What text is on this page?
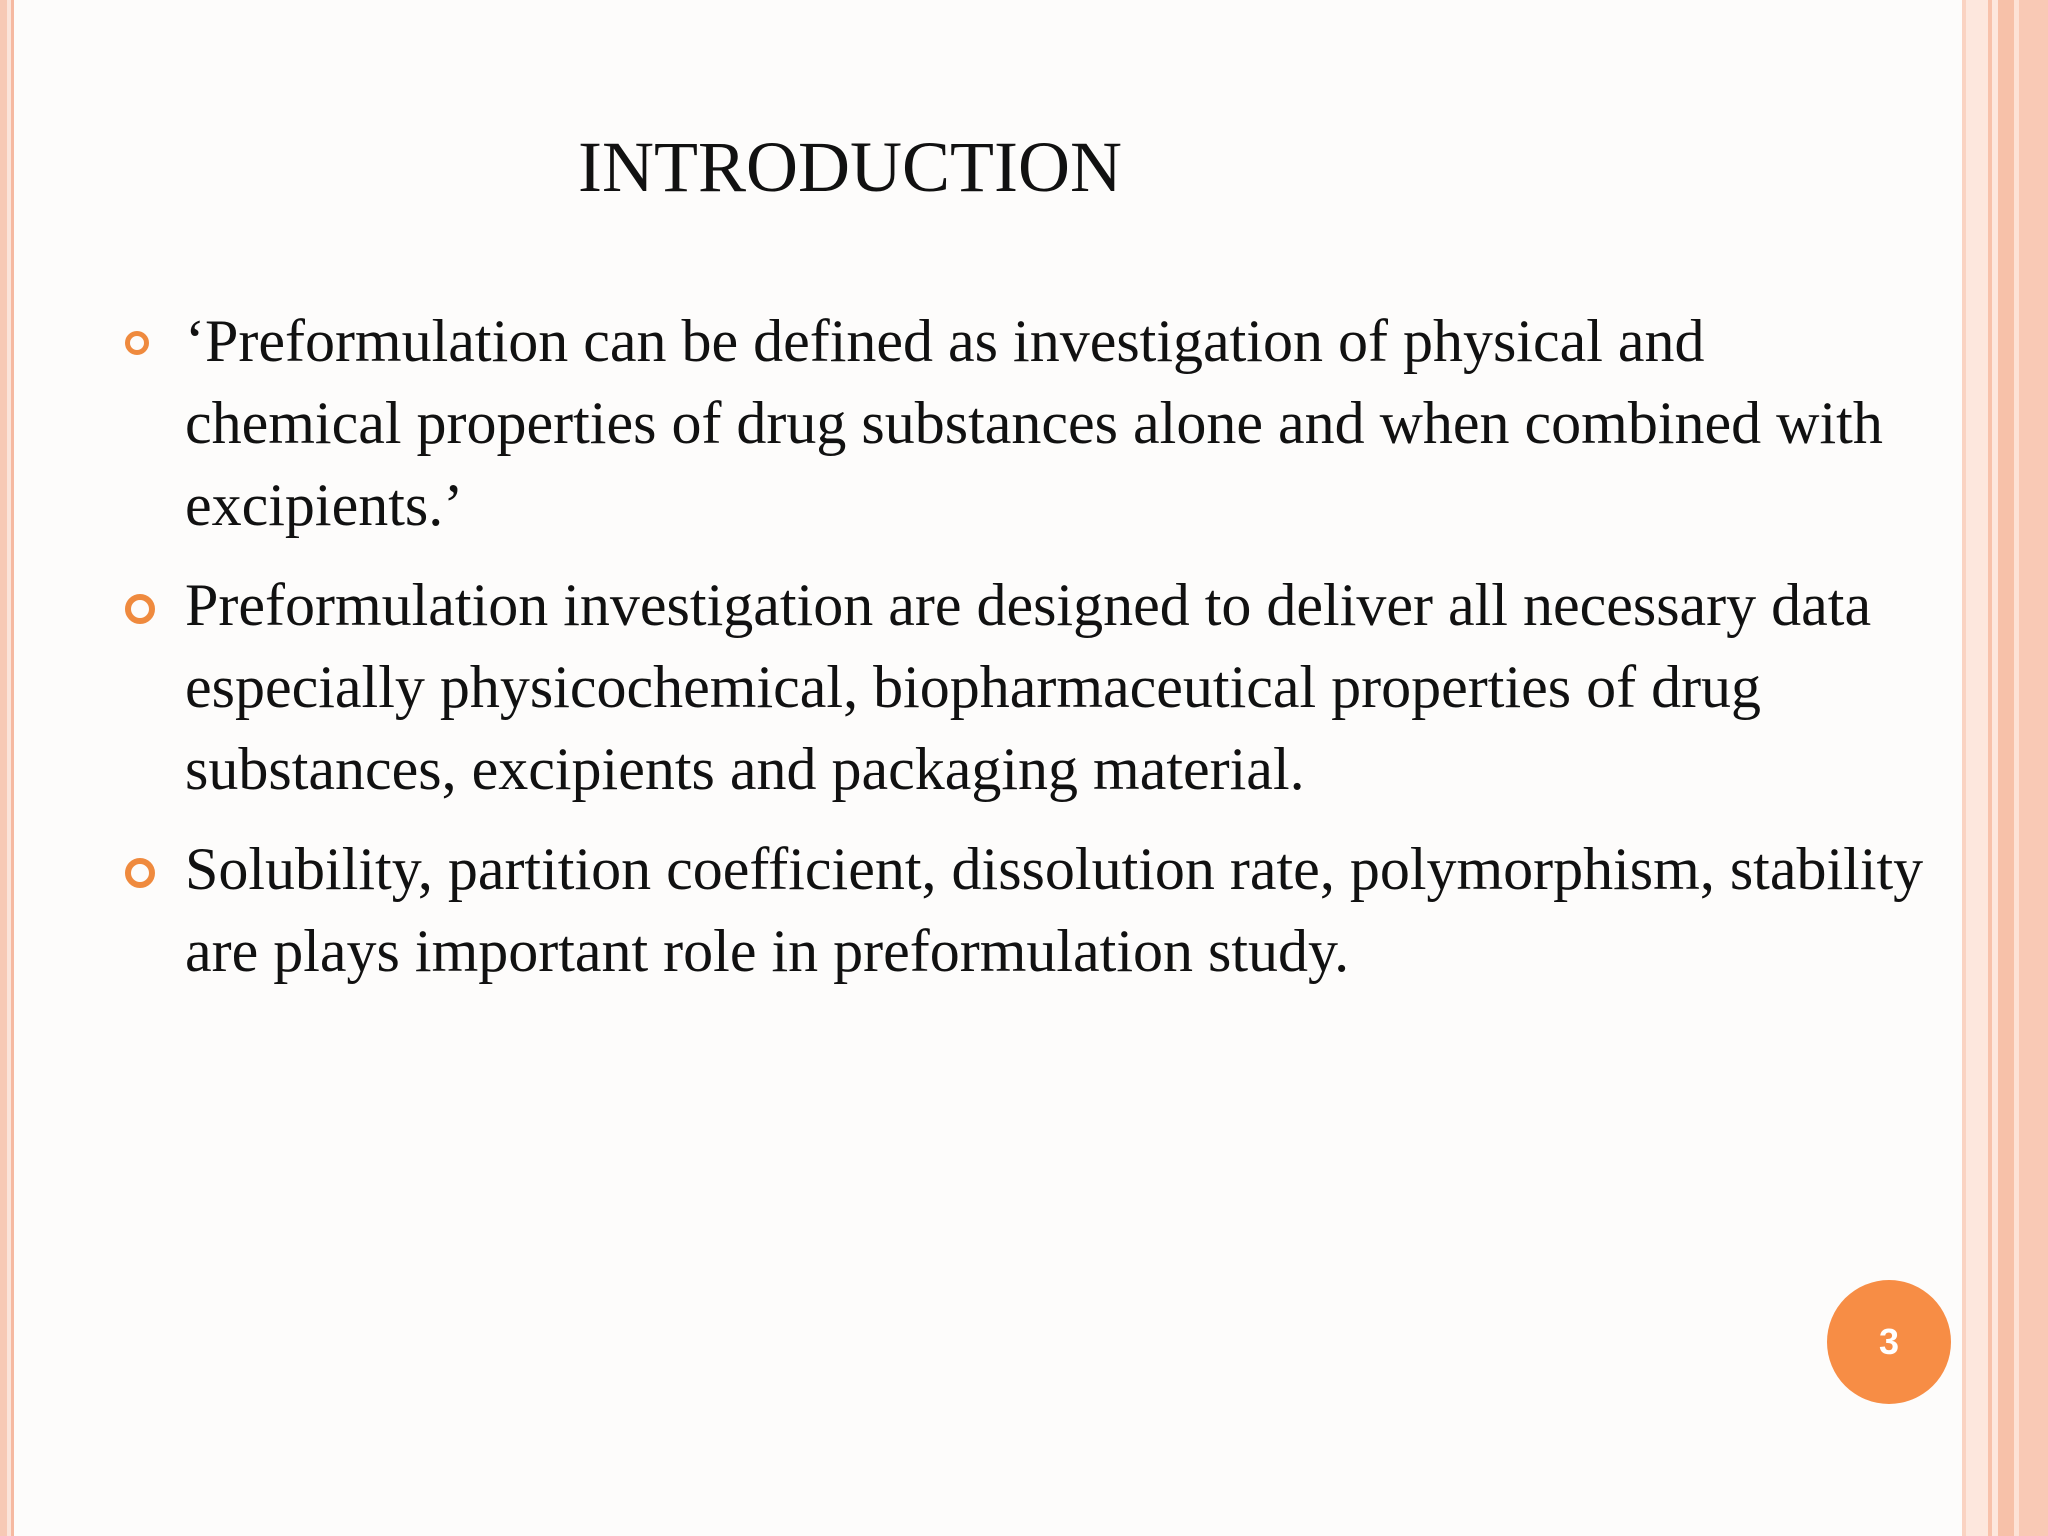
INTRODUCTION
‘Preformulation can be defined as investigation of physical and chemical properties of drug substances alone and when combined with excipients.’
Preformulation investigation are designed to deliver all necessary data especially physicochemical, biopharmaceutical properties of drug substances, excipients and packaging material.
Solubility, partition coefficient, dissolution rate, polymorphism, stability are plays important role in preformulation study.
3
